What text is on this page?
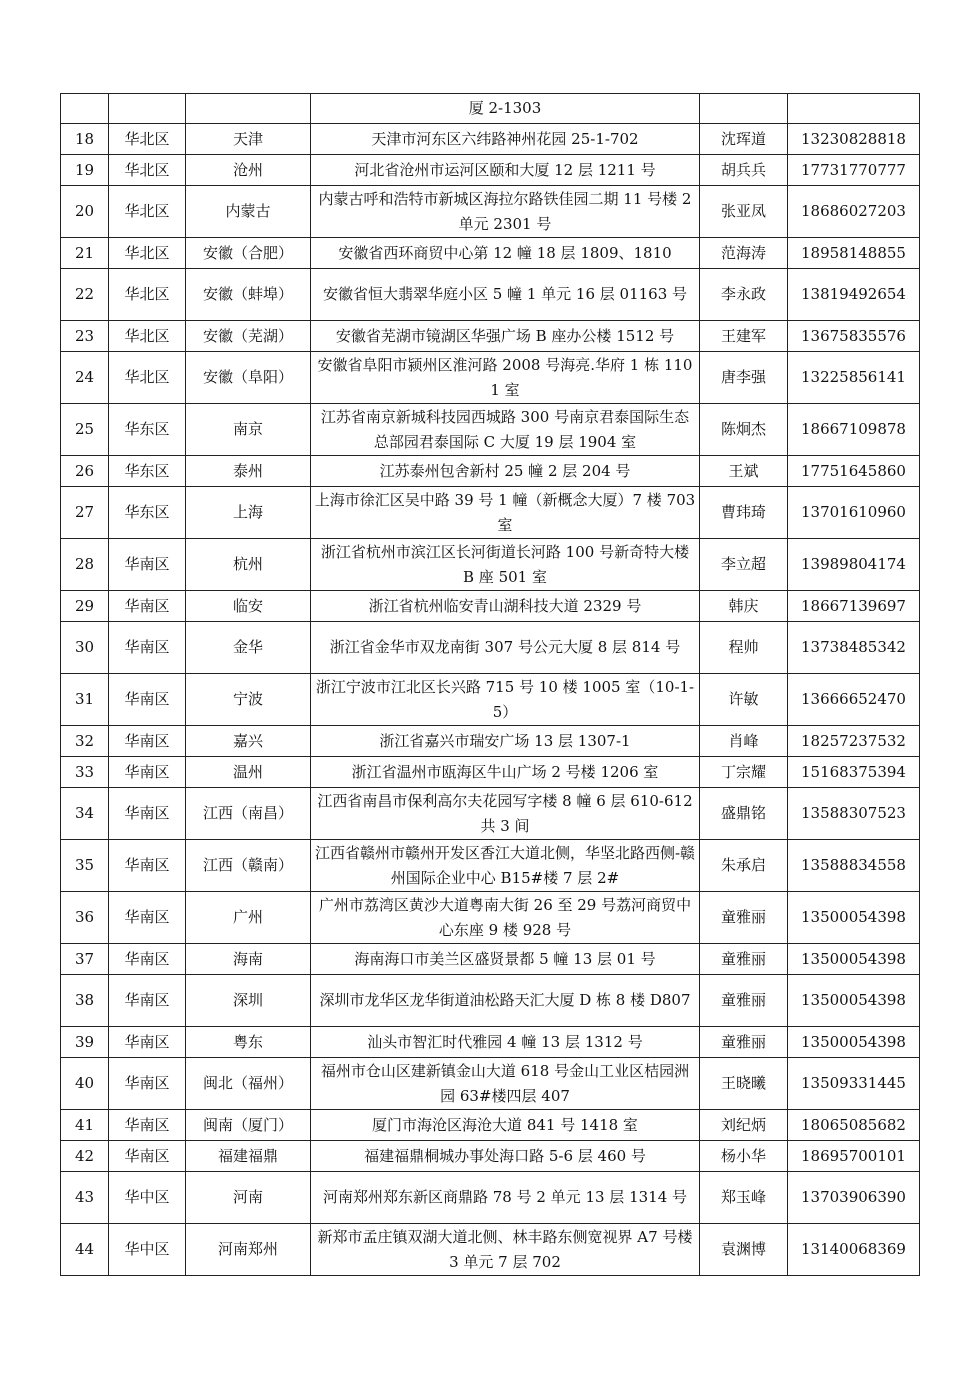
			厦 2-1303		
18	华北区	天津	天津市河东区六纬路神州花园 25-1-702	沈珲道	13230828818
19	华北区	沧州	河北省沧州市运河区颐和大厦 12 层 1211 号	胡兵兵	17731770777
20	华北区	内蒙古	内蒙古呼和浩特市新城区海拉尔路铁佳园二期 11 号楼 2 单元 2301 号	张亚凤	18686027203
21	华北区	安徽（合肥）	安徽省西环商贸中心第 12 幢 18 层 1809、1810	范海涛	18958148855
22	华北区	安徽（蚌埠）	安徽省恒大翡翠华庭小区 5 幢 1 单元 16 层 01163 号	李永政	13819492654
23	华北区	安徽（芜湖）	安徽省芜湖市镜湖区华强广场 B 座办公楼 1512 号	王建军	13675835576
24	华北区	安徽（阜阳）	安徽省阜阳市颍州区淮河路 2008 号海亮.华府 1 栋 1101 室	唐李强	13225856141
25	华东区	南京	江苏省南京新城科技园西城路 300 号南京君泰国际生态总部园君泰国际 C 大厦 19 层 1904 室	陈炯杰	18667109878
26	华东区	泰州	江苏泰州包舍新村 25 幢 2 层 204 号	王斌	17751645860
27	华东区	上海	上海市徐汇区吴中路 39 号 1 幢（新概念大厦）7 楼 703 室	曹玮琦	13701610960
28	华南区	杭州	浙江省杭州市滨江区长河街道长河路 100 号新奇特大楼 B 座 501 室	李立超	13989804174
29	华南区	临安	浙江省杭州临安青山湖科技大道 2329 号	韩庆	18667139697
30	华南区	金华	浙江省金华市双龙南街 307 号公元大厦 8 层 814 号	程帅	13738485342
31	华南区	宁波	浙江宁波市江北区长兴路 715 号 10 楼 1005 室（10-1-5）	许敏	13666652470
32	华南区	嘉兴	浙江省嘉兴市瑞安广场 13 层 1307-1	肖峰	18257237532
33	华南区	温州	浙江省温州市瓯海区牛山广场 2 号楼 1206 室	丁宗耀	15168375394
34	华南区	江西（南昌）	江西省南昌市保利高尔夫花园写字楼 8 幢 6 层 610-612 共 3 间	盛鼎铭	13588307523
35	华南区	江西（赣南）	江西省赣州市赣州开发区香江大道北侧，华坚北路西侧-赣州国际企业中心 B15#楼 7 层 2#	朱承启	13588834558
36	华南区	广州	广州市荔湾区黄沙大道粤南大街 26 至 29 号荔河商贸中心东座 9 楼 928 号	童雅丽	13500054398
37	华南区	海南	海南海口市美兰区盛贤景都 5 幢 13 层 01 号	童雅丽	13500054398
38	华南区	深圳	深圳市龙华区龙华街道油松路天汇大厦 D 栋 8 楼 D807	童雅丽	13500054398
39	华南区	粤东	汕头市智汇时代雅园 4 幢 13 层 1312 号	童雅丽	13500054398
40	华南区	闽北（福州）	福州市仓山区建新镇金山大道 618 号金山工业区桔园洲园 63#楼四层 407	王晓曦	13509331445
41	华南区	闽南（厦门）	厦门市海沧区海沧大道 841 号 1418 室	刘纪炳	18065085682
42	华南区	福建福鼎	福建福鼎桐城办事处海口路 5-6 层 460 号	杨小华	18695700101
43	华中区	河南	河南郑州郑东新区商鼎路 78 号 2 单元 13 层 1314 号	郑玉峰	13703906390
44	华中区	河南郑州	新郑市孟庄镇双湖大道北侧、林丰路东侧宽视界 A7 号楼 3 单元 7 层 702	袁渊博	13140068369
